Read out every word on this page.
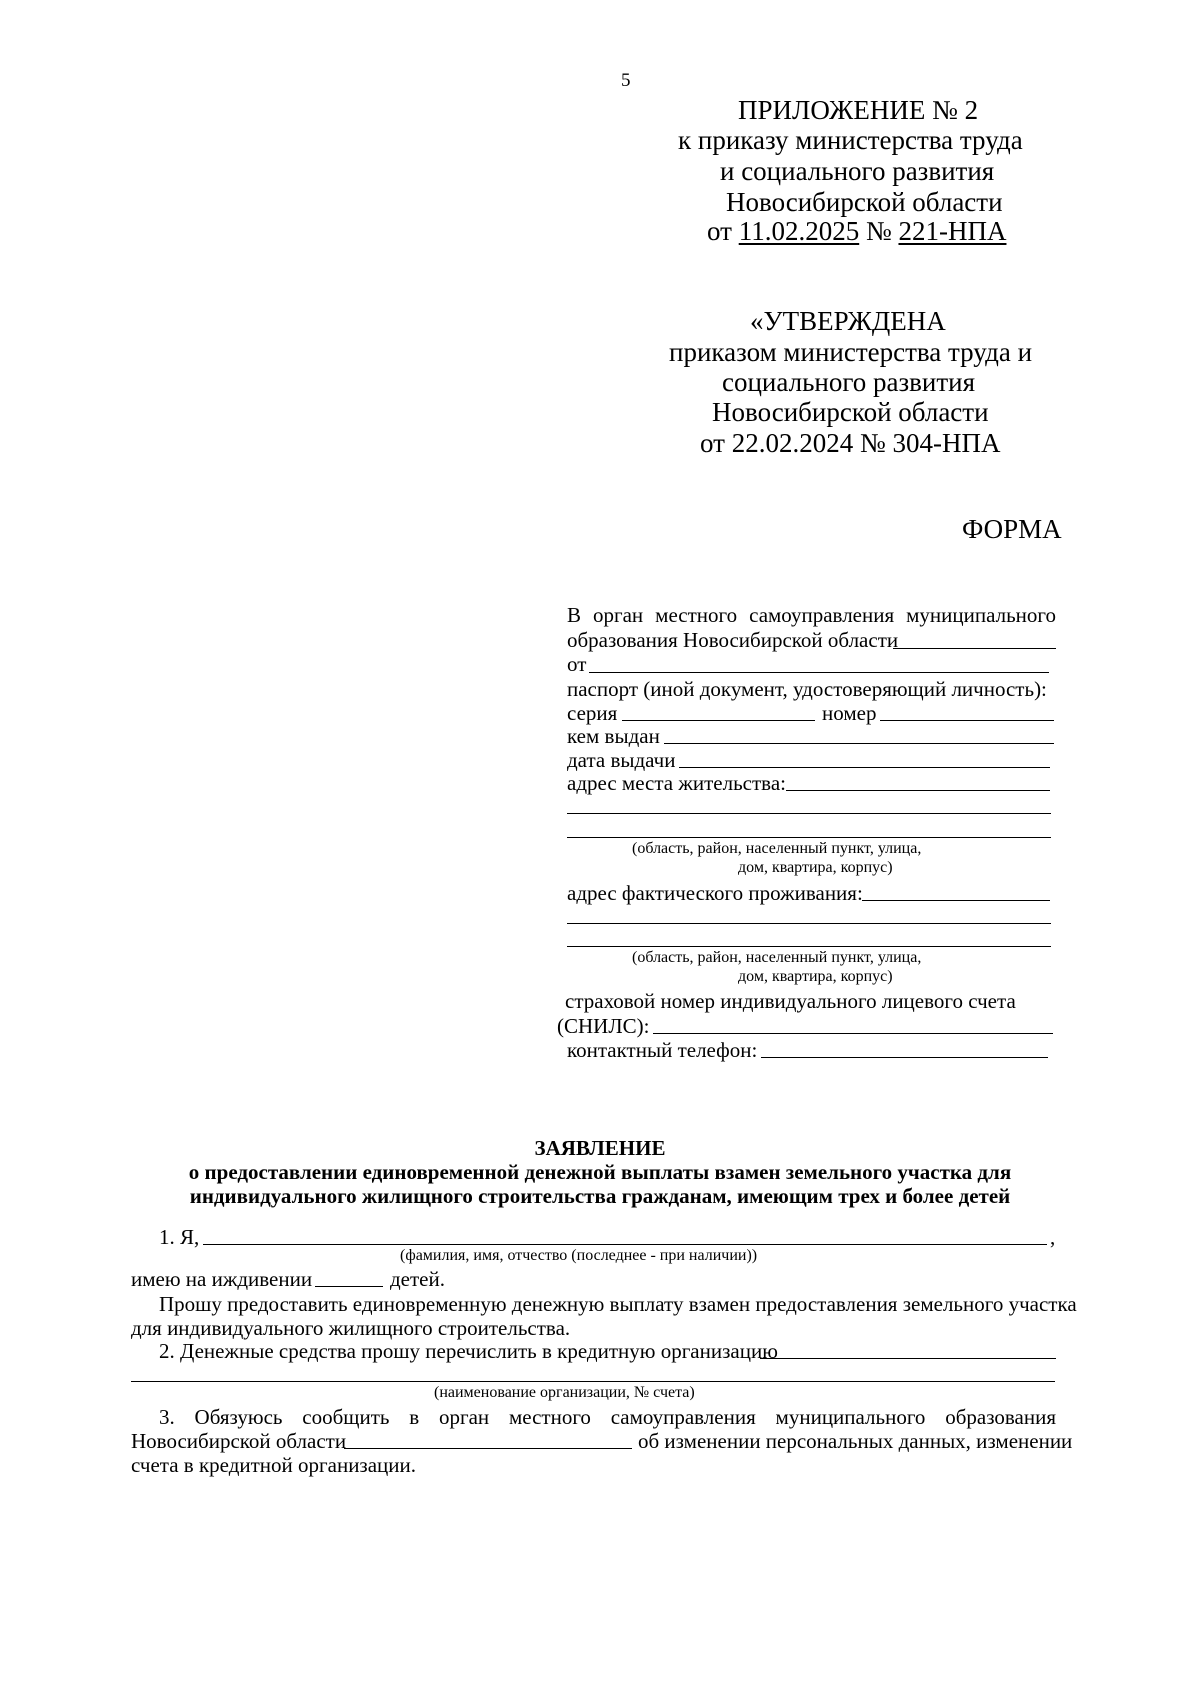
5
ПРИЛОЖЕНИЕ № 2
к приказу министерства труда
и социального развития
Новосибирской области
от 11.02.2025 № 221-НПА
«УТВЕРЖДЕНА
приказом министерства труда и
социального развития
Новосибирской области
от 22.02.2024 № 304-НПА
ФОРМА
В орган местного самоуправления муниципального
образования Новосибирской области
от
паспорт (иной документ, удостоверяющий личность):
серия	номер
кем выдан
дата выдачи
адрес места жительства:
(область, район, населенный пункт, улица,
дом, квартира, корпус)
адрес фактического проживания:
(область, район, населенный пункт, улица,
дом, квартира, корпус)
страховой номер индивидуального лицевого счета
(СНИЛС):
контактный телефон:
ЗАЯВЛЕНИЕ
о предоставлении единовременной денежной выплаты взамен земельного участка для
индивидуального жилищного строительства гражданам, имеющим трех и более детей
1. Я,	,
(фамилия, имя, отчество (последнее - при наличии))
имею на иждивении	детей.
Прошу предоставить единовременную денежную выплату взамен предоставления земельного участка
для индивидуального жилищного строительства.
2. Денежные средства прошу перечислить в кредитную организацию
(наименование организации, № счета)
3. Обязуюсь сообщить в орган местного самоуправления муниципального образования
Новосибирской области	об изменении персональных данных, изменении
счета в кредитной организации.
